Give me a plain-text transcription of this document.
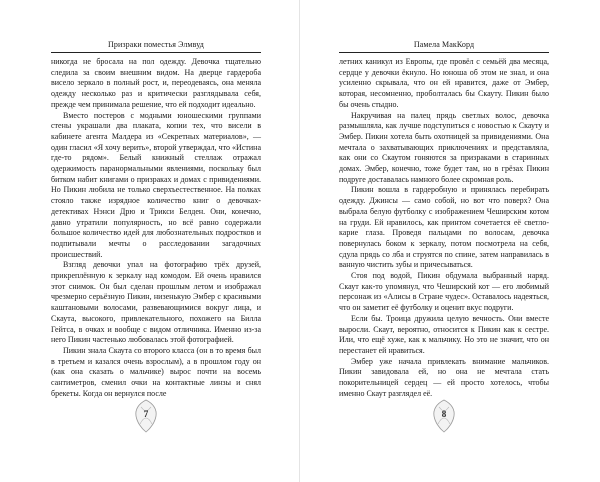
Призраки поместья Элмвуд

никогда не бросала на пол одежду. Девочка тщательно следила за своим внешним видом. На дверце гардероба висело зеркало в полный рост, и, переодеваясь, она меняла одежду несколько раз и критически разглядывала себя, прежде чем принимала решение, что ей подходит идеально.

Вместо постеров с модными юношескими группами стены украшали два плаката, копии тех, что висели в кабинете агента Малдера из «Секретных материалов», — один гласил «Я хочу верить», второй утверждал, что «Истина где-то рядом». Белый книжный стеллаж отражал одержимость паранормальными явлениями, поскольку был битком набит книгами о призраках и домах с привидениями. Но Пикин любила не только сверхъестественное. На полках стояло также изрядное количество книг о девочках-детективах Нэнси Дрю и Трикси Белден. Они, конечно, давно утратили популярность, но всё равно содержали большое количество идей для любознательных подростков и подпитывали мечты о расследовании загадочных происшествий.

Взгляд девочки упал на фотографию трёх друзей, прикреплённую к зеркалу над комодом. Ей очень нравился этот снимок. Он был сделан прошлым летом и изображал чрезмерно серьёзную Пикин, низенькую Эмбер с красивыми каштановыми волосами, развевающимися вокруг лица, и Скаута, высокого, привлекательного, похожего на Билла Гейтса, в очках и вообще с видом отличника. Именно из-за него Пикин частенько любовалась этой фотографией.

Пикин знала Скаута со второго класса (он в то время был в третьем и казался очень взрослым), а в прошлом году он (как она сказать о мальчике) вырос почти на восемь сантиметров, сменил очки на контактные линзы и снял брекеты. Когда он вернулся после

7
Памела МакКорд

летних каникул из Европы, где провёл с семьёй два месяца, сердце у девочки ёкнуло. Но юноша об этом не знал, и она усиленно скрывала, что он ей нравится, даже от Эмбер, которая, несомненно, проболталась бы Скауту. Пикин было бы очень стыдно.

Накручивая на палец прядь светлых волос, девочка размышляла, как лучше подступиться с новостью к Скауту и Эмбер. Пикин хотела быть охотницей за привидениями. Она мечтала о захватывающих приключениях и представляла, как они со Скаутом гоняются за призраками в старинных домах. Эмбер, конечно, тоже будет там, но в грёзах Пикин подругe доставалась намного более скромная роль.

Пикин вошла в гардеробную и принялась перебирать одежду. Джинсы — само собой, но вот что поверх? Она выбрала белую футболку с изображением Чеширским котом на груди. Ей нравилось, как принтом сочетается её светло-карие глаза. Проведя пальцами по волосам, девочка повернулась боком к зеркалу, потом посмотрела на себя, сдула прядь со лба и струятся по спине, затем направилась в ванную чистить зубы и причесываться.

Стоя под водой, Пикин обдумала выбранный наряд. Скаут как-то упомянул, что Чеширский кот — его любимый персонаж из «Алисы в Стране чудес». Оставалось надеяться, что он заметит её футболку и оценит вкус подруги.

Если бы. Троица дружила целую вечность. Они вместе выросли. Скаут, вероятно, относится к Пикин как к сестре. Или, что ещё хуже, как к мальчику. Но это не значит, что он перестанет ей нравиться.

Эмбер уже начала привлекать внимание мальчиков. Пикин завидовала ей, но она не мечтала стать покорительницей сердец — ей просто хотелось, чтобы именно Скаут разглядел её.

8
